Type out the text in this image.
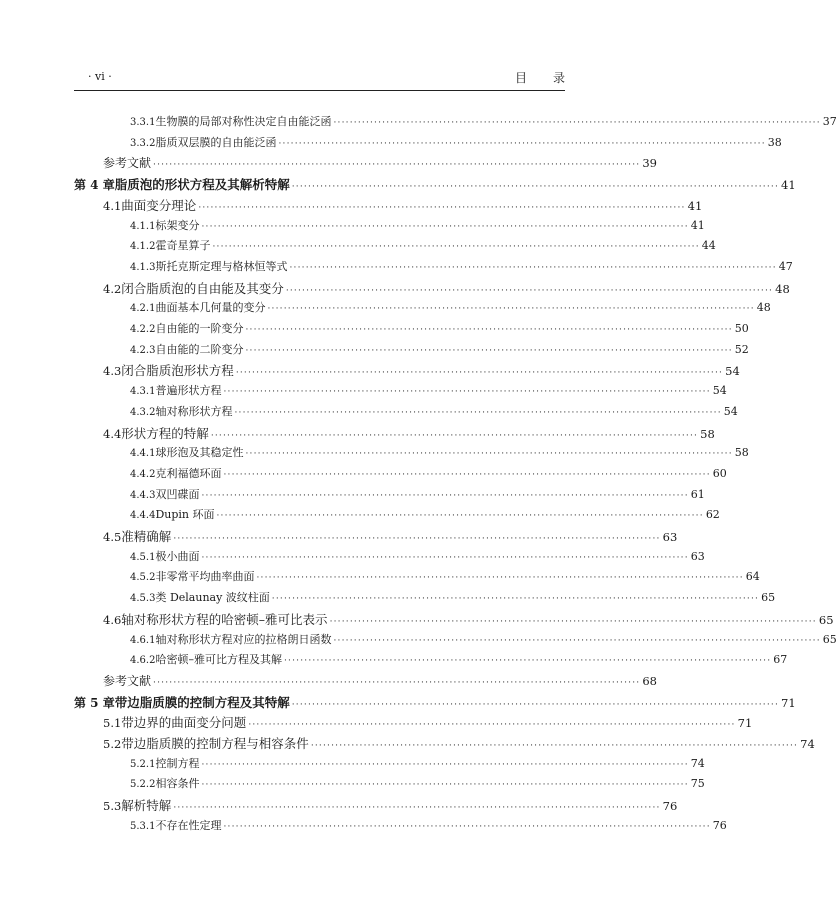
· vi ·	目 录
3.3.1 生物膜的局部对称性决定自由能泛函 ························································································································ 37
3.3.2 脂质双层膜的自由能泛函 ························································································································ 38
参考文献 ························································································································ 39
第 4 章 脂质泡的形状方程及其解析特解 ························································································································ 41
4.1 曲面变分理论 ························································································································ 41
4.1.1 标架变分 ························································································································ 41
4.1.2 霍奇星算子 ························································································································ 44
4.1.3 斯托克斯定理与格林恒等式 ························································································································ 47
4.2 闭合脂质泡的自由能及其变分 ························································································································ 48
4.2.1 曲面基本几何量的变分 ························································································································ 48
4.2.2 自由能的一阶变分 ························································································································ 50
4.2.3 自由能的二阶变分 ························································································································ 52
4.3 闭合脂质泡形状方程 ························································································································ 54
4.3.1 普遍形状方程 ························································································································ 54
4.3.2 轴对称形状方程 ························································································································ 54
4.4 形状方程的特解 ························································································································ 58
4.4.1 球形泡及其稳定性 ························································································································ 58
4.4.2 克利福德环面 ························································································································ 60
4.4.3 双凹碟面 ························································································································ 61
4.4.4 Dupin 环面 ························································································································ 62
4.5 准精确解 ························································································································ 63
4.5.1 极小曲面 ························································································································ 63
4.5.2 非零常平均曲率曲面 ························································································································ 64
4.5.3 类 Delaunay 波纹柱面 ························································································································ 65
4.6 轴对称形状方程的哈密顿–雅可比表示 ························································································································ 65
4.6.1 轴对称形状方程对应的拉格朗日函数 ························································································································ 65
4.6.2 哈密顿–雅可比方程及其解 ························································································································ 67
参考文献 ························································································································ 68
第 5 章 带边脂质膜的控制方程及其特解 ························································································································ 71
5.1 带边界的曲面变分问题 ························································································································ 71
5.2 带边脂质膜的控制方程与相容条件 ························································································································ 74
5.2.1 控制方程 ························································································································ 74
5.2.2 相容条件 ························································································································ 75
5.3 解析特解 ························································································································ 76
5.3.1 不存在性定理 ························································································································ 76
